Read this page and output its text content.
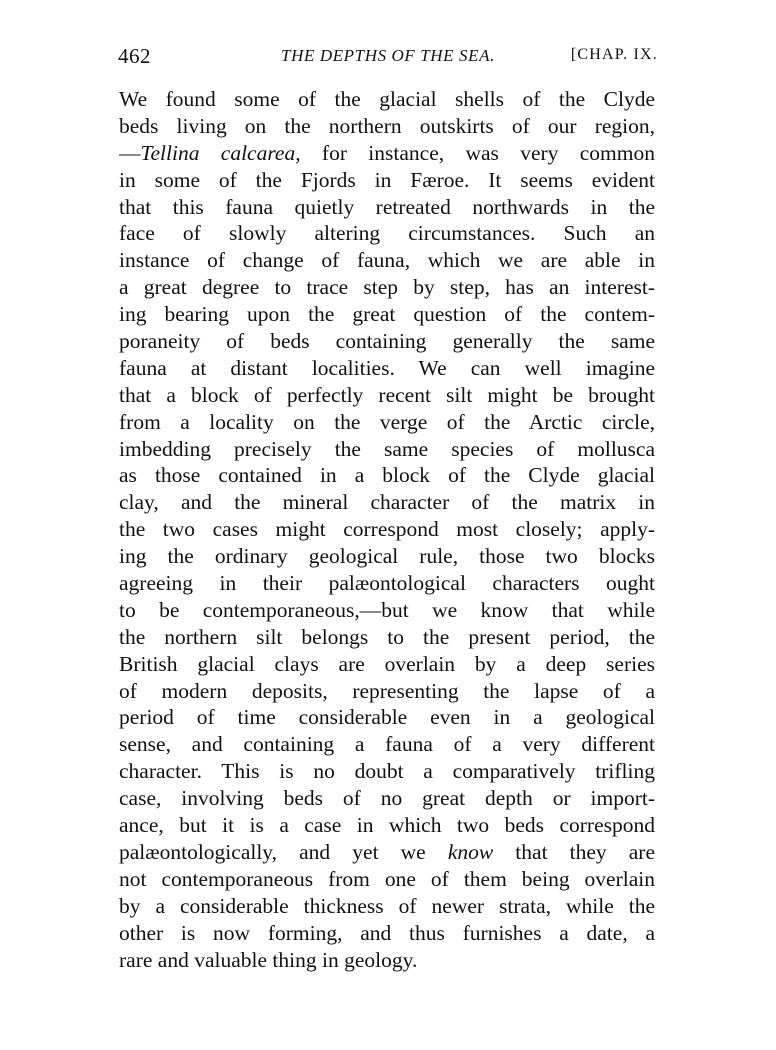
462	THE DEPTHS OF THE SEA.	[CHAP. IX.
We found some of the glacial shells of the Clyde
beds living on the northern outskirts of our region,
—Tellina calcarea, for instance, was very common
in some of the Fjords in Færoe. It seems evident
that this fauna quietly retreated northwards in the
face of slowly altering circumstances. Such an
instance of change of fauna, which we are able in
a great degree to trace step by step, has an interest-
ing bearing upon the great question of the contem-
poraneity of beds containing generally the same
fauna at distant localities. We can well imagine
that a block of perfectly recent silt might be brought
from a locality on the verge of the Arctic circle,
imbedding precisely the same species of mollusca
as those contained in a block of the Clyde glacial
clay, and the mineral character of the matrix in
the two cases might correspond most closely; apply-
ing the ordinary geological rule, those two blocks
agreeing in their palæontological characters ought
to be contemporaneous,—but we know that while
the northern silt belongs to the present period, the
British glacial clays are overlain by a deep series
of modern deposits, representing the lapse of a
period of time considerable even in a geological
sense, and containing a fauna of a very different
character. This is no doubt a comparatively trifling
case, involving beds of no great depth or import-
ance, but it is a case in which two beds correspond
palæontologically, and yet we know that they are
not contemporaneous from one of them being overlain
by a considerable thickness of newer strata, while the
other is now forming, and thus furnishes a date, a
rare and valuable thing in geology.
